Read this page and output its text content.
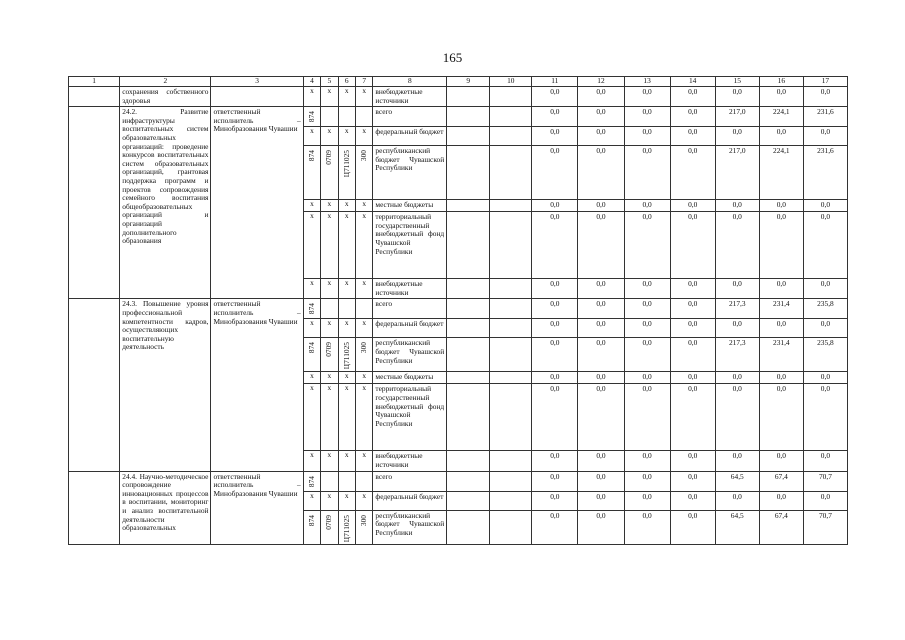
165
1	2	3	4	5	6	7	8	9	10	11	12	13	14	15	16	17
	сохранения собственного здоровья		x	x	x	x	внебюджетные источники			0,0	0,0	0,0	0,0	0,0	0,0	0,0
	24.2. Развитие инфраструктуры воспитательных систем образовательных организаций: проведение конкурсов воспитательных систем образовательных организаций, грантовая поддержка программ и проектов сопровождения семейного воспитания общеобразовательных организаций и организаций дополнительного образования	ответственный исполнитель – Минобразования Чувашии	874				всего			0,0	0,0	0,0	0,0	217,0	224,1	231,6
			x	x	x	x	федеральный бюджет			0,0	0,0	0,0	0,0	0,0	0,0	0,0

			874	0709	Ц711025	300	республиканский бюджет Чувашской Республики			0,0	0,0	0,0	0,0	217,0	224,1	231,6
			x	x	x	x	местные бюджеты			0,0	0,0	0,0	0,0	0,0	0,0	0,0
			x	x	x	x	территориальный государственный внебюджетный фонд Чувашской Республики			0,0	0,0	0,0	0,0	0,0	0,0	0,0
			x	x	x	x	внебюджетные источники			0,0	0,0	0,0	0,0	0,0	0,0	0,0
	24.3. Повышение уровня профессиональной компетентности кадров, осуществляющих воспитательную деятельность	ответственный исполнитель – Минобразования Чувашии	874				всего			0,0	0,0	0,0	0,0	217,3	231,4	235,8
			x	x	x	x	федеральный бюджет			0,0	0,0	0,0	0,0	0,0	0,0	0,0

			874	0709	Ц711025	300	республиканский бюджет Чувашской Республики			0,0	0,0	0,0	0,0	217,3	231,4	235,8
			x	x	x	x	местные бюджеты			0,0	0,0	0,0	0,0	0,0	0,0	0,0
			x	x	x	x	территориальный государственный внебюджетный фонд Чувашской Республики			0,0	0,0	0,0	0,0	0,0	0,0	0,0
			x	x	x	x	внебюджетные источники			0,0	0,0	0,0	0,0	0,0	0,0	0,0
	24.4. Научно-методическое сопровождение инновационных процессов в воспитании, мониторинг и анализ воспитательной деятельности образовательных	ответственный исполнитель – Минобразования Чувашии	874				всего			0,0	0,0	0,0	0,0	64,5	67,4	70,7
			x	x	x	x	федеральный бюджет			0,0	0,0	0,0	0,0	0,0	0,0	0,0

			874	0709	Ц711025	300	республиканский бюджет Чувашской Республики			0,0	0,0	0,0	0,0	64,5	67,4	70,7
